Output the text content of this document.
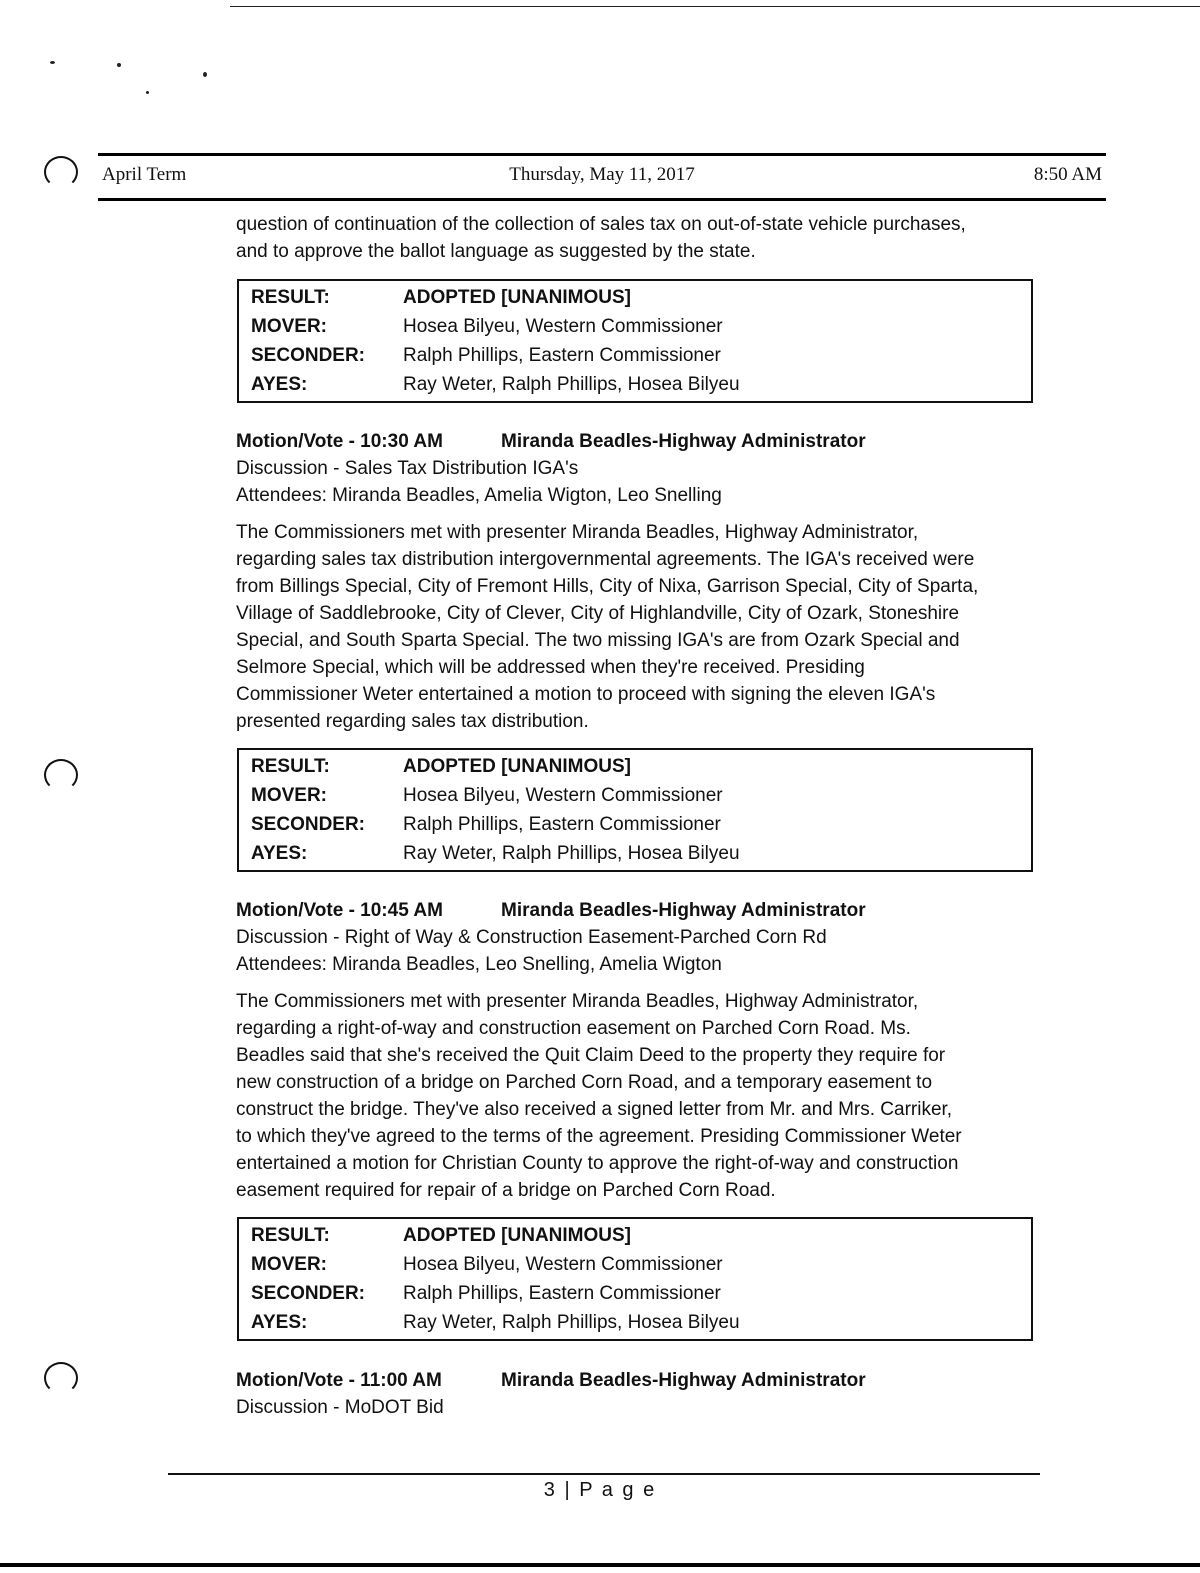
April Term	Thursday, May 11, 2017	8:50 AM
question of continuation of the collection of sales tax on out-of-state vehicle purchases,
and to approve the ballot language as suggested by the state.
RESULT:	ADOPTED [UNANIMOUS]
MOVER:	Hosea Bilyeu, Western Commissioner
SECONDER:	Ralph Phillips, Eastern Commissioner
AYES:	Ray Weter, Ralph Phillips, Hosea Bilyeu
Motion/Vote - 10:30 AM	Miranda Beadles-Highway Administrator
Discussion - Sales Tax Distribution IGA's
Attendees: Miranda Beadles, Amelia Wigton, Leo Snelling
The Commissioners met with presenter Miranda Beadles, Highway Administrator,
regarding sales tax distribution intergovernmental agreements. The IGA's received were
from Billings Special, City of Fremont Hills, City of Nixa, Garrison Special, City of Sparta,
Village of Saddlebrooke, City of Clever, City of Highlandville, City of Ozark, Stoneshire
Special, and South Sparta Special. The two missing IGA's are from Ozark Special and
Selmore Special, which will be addressed when they're received. Presiding
Commissioner Weter entertained a motion to proceed with signing the eleven IGA's
presented regarding sales tax distribution.
RESULT:	ADOPTED [UNANIMOUS]
MOVER:	Hosea Bilyeu, Western Commissioner
SECONDER:	Ralph Phillips, Eastern Commissioner
AYES:	Ray Weter, Ralph Phillips, Hosea Bilyeu
Motion/Vote - 10:45 AM	Miranda Beadles-Highway Administrator
Discussion - Right of Way & Construction Easement-Parched Corn Rd
Attendees: Miranda Beadles, Leo Snelling, Amelia Wigton
The Commissioners met with presenter Miranda Beadles, Highway Administrator,
regarding a right-of-way and construction easement on Parched Corn Road. Ms.
Beadles said that she's received the Quit Claim Deed to the property they require for
new construction of a bridge on Parched Corn Road, and a temporary easement to
construct the bridge. They've also received a signed letter from Mr. and Mrs. Carriker,
to which they've agreed to the terms of the agreement. Presiding Commissioner Weter
entertained a motion for Christian County to approve the right-of-way and construction
easement required for repair of a bridge on Parched Corn Road.
RESULT:	ADOPTED [UNANIMOUS]
MOVER:	Hosea Bilyeu, Western Commissioner
SECONDER:	Ralph Phillips, Eastern Commissioner
AYES:	Ray Weter, Ralph Phillips, Hosea Bilyeu
Motion/Vote - 11:00 AM	Miranda Beadles-Highway Administrator
Discussion - MoDOT Bid
3 | P a g e
